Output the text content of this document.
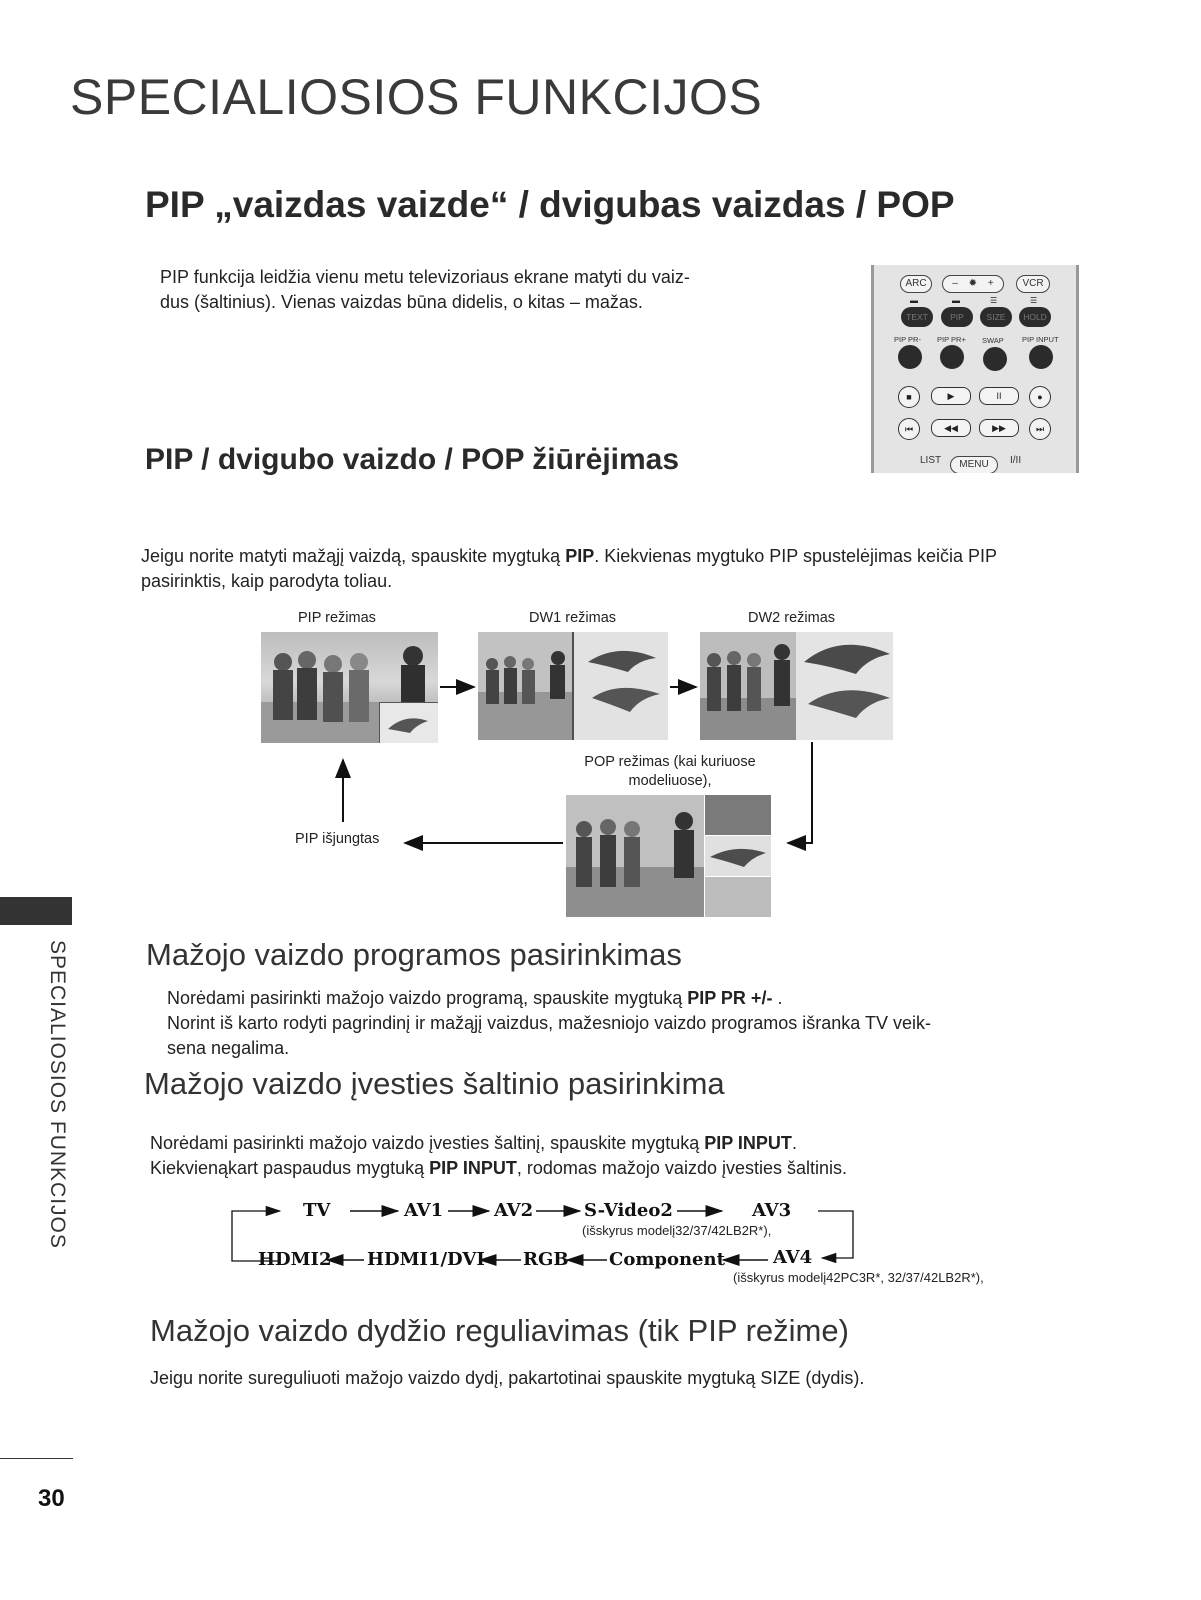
SPECIALIOSIOS FUNKCIJOS
PIP „vaizdas vaizde“ / dvigubas vaizdas / POP
PIP funkcija leidžia vienu metu televizoriaus ekrane matyti du vaiz-
dus (šaltinius). Vienas vaizdas būna didelis, o kitas – mažas.
ARC	– ✹ +	VCR
▬	▬	☰	☰
TEXT	PIP	SIZE	HOLD
PIP PR- PIP PR+ SWAP PIP INPUT
■	▶	II	●
⏮	◀◀	▶▶	⏭
LIST	MENU	I/II
PIP / dvigubo vaizdo / POP žiūrėjimas
Jeigu norite matyti mažąjį vaizdą, spauskite mygtuką PIP. Kiekvienas mygtuko PIP spustelėjimas keičia PIP
pasirinktis, kaip parodyta toliau.
PIP režimas	DW1 režimas	DW2 režimas
POP režimas (kai kuriuose
modeliuose),
PIP išjungtas
Mažojo vaizdo programos pasirinkimas
Norėdami pasirinkti mažojo vaizdo programą, spauskite mygtuką PIP PR +/- .
Norint iš karto rodyti pagrindinį ir mažąjį vaizdus, mažesniojo vaizdo programos išranka TV veik-
sena negalima.
Mažojo vaizdo įvesties šaltinio pasirinkima
Norėdami pasirinkti mažojo vaizdo įvesties šaltinį, spauskite mygtuką PIP INPUT.
Kiekvienąkart paspaudus mygtuką PIP INPUT, rodomas mažojo vaizdo įvesties šaltinis.
TV	AV1	AV2	S-Video2	AV3
(išskyrus modelį32/37/42LB2R*),
HDMI2 HDMI1/DVI RGB Component	AV4
(išskyrus modelį42PC3R*, 32/37/42LB2R*),
Mažojo vaizdo dydžio reguliavimas (tik PIP režime)
Jeigu norite sureguliuoti mažojo vaizdo dydį, pakartotinai spauskite mygtuką SIZE (dydis).
SPECIALIOSIOS FUNKCIJOS
30
